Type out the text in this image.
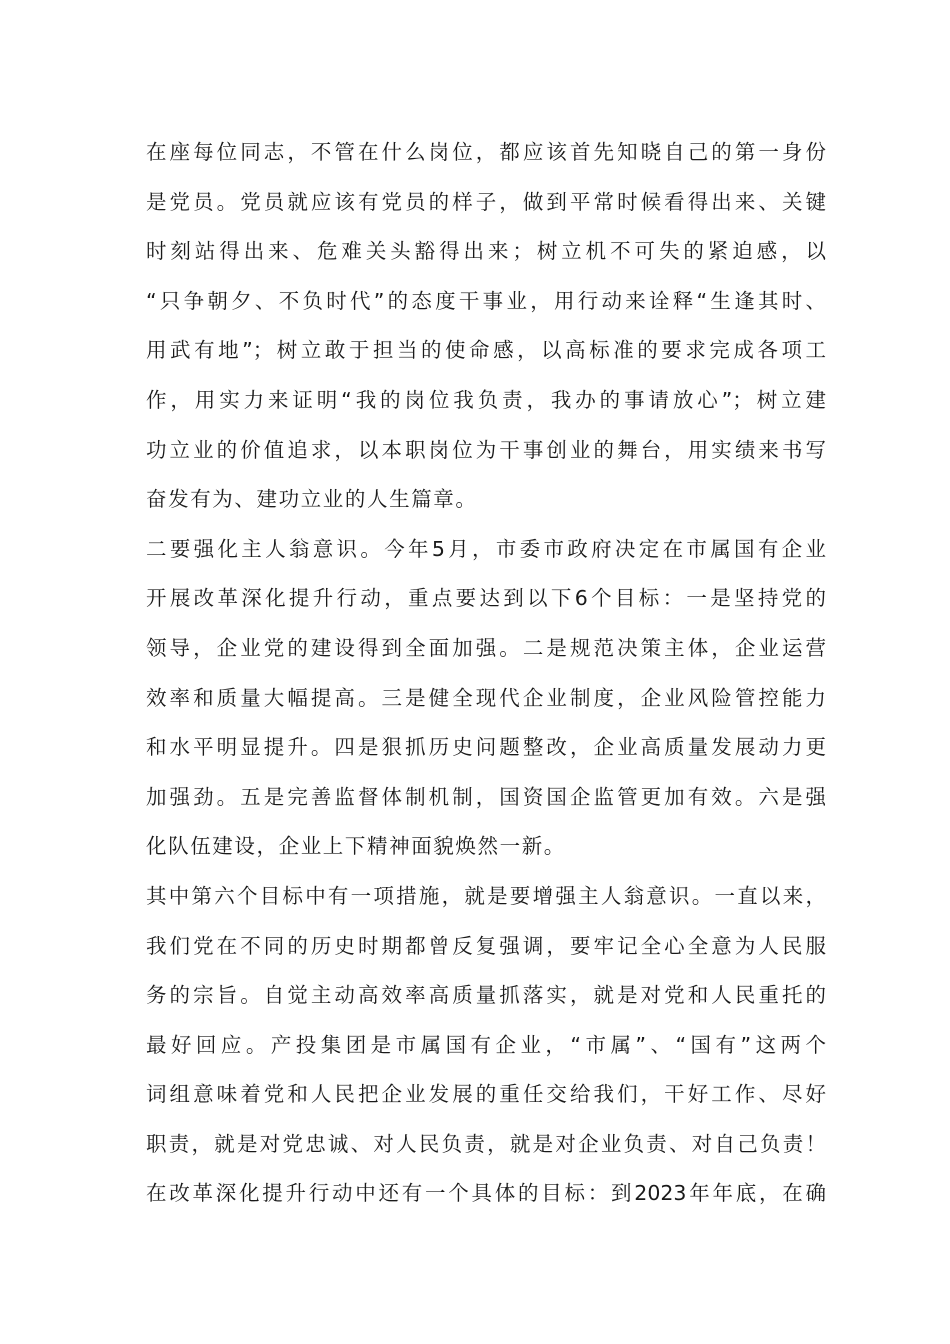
在座每位同志，不管在什么岗位，都应该首先知晓自己的第一身份
是党员。党员就应该有党员的样子，做到平常时候看得出来、关键
时刻站得出来、危难关头豁得出来；树立机不可失的紧迫感，以
“只争朝夕、不负时代”的态度干事业，用行动来诠释“生逢其时、
用武有地”；树立敢于担当的使命感，以高标准的要求完成各项工
作，用实力来证明“我的岗位我负责，我办的事请放心”；树立建
功立业的价值追求，以本职岗位为干事创业的舞台，用实绩来书写
奋发有为、建功立业的人生篇章。
二要强化主人翁意识。今年5月，市委市政府决定在市属国有企业
开展改革深化提升行动，重点要达到以下6个目标：一是坚持党的
领导，企业党的建设得到全面加强。二是规范决策主体，企业运营
效率和质量大幅提高。三是健全现代企业制度，企业风险管控能力
和水平明显提升。四是狠抓历史问题整改，企业高质量发展动力更
加强劲。五是完善监督体制机制，国资国企监管更加有效。六是强
化队伍建设，企业上下精神面貌焕然一新。
其中第六个目标中有一项措施，就是要增强主人翁意识。一直以来，
我们党在不同的历史时期都曾反复强调，要牢记全心全意为人民服
务的宗旨。自觉主动高效率高质量抓落实，就是对党和人民重托的
最好回应。产投集团是市属国有企业，“市属”、“国有”这两个
词组意味着党和人民把企业发展的重任交给我们，干好工作、尽好
职责，就是对党忠诚、对人民负责，就是对企业负责、对自己负责！
在改革深化提升行动中还有一个具体的目标：到2023年年底，在确
